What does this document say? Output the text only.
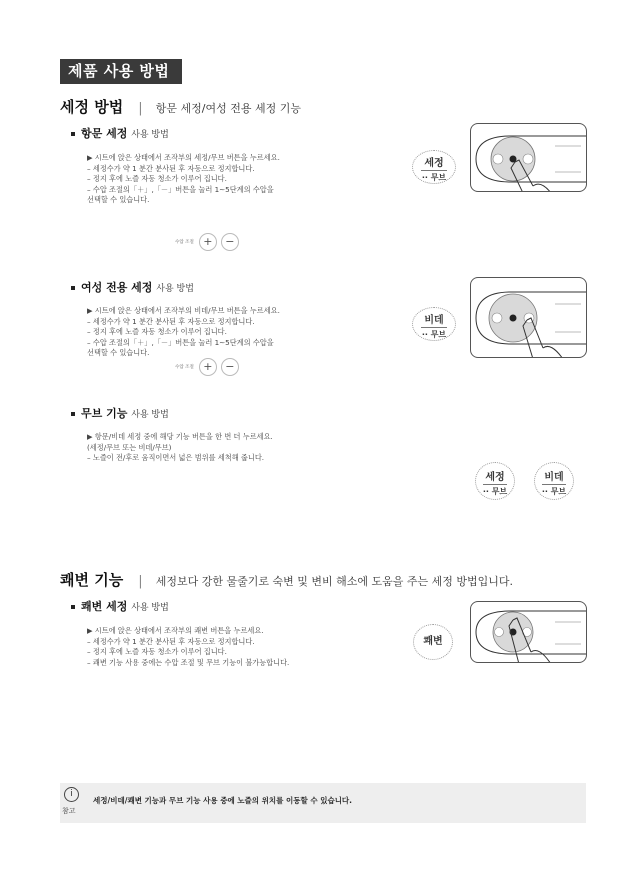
제품 사용 방법
세정 방법 | 항문 세정/여성 전용 세정 기능
항문 세정 사용 방법
▶ 시트에 앉은 상태에서 조작부의 세정/무브 버튼을 누르세요.
– 세정수가 약 1 분간 분사된 후 자동으로 정지합니다.
– 정지 후에 노즐 자동 청소가 이루어 집니다.
– 수압 조절의「＋」,「－」버튼을 눌러 1∼5단계의 수압을
선택할 수 있습니다.
수압 조절 +	−
세정
·· 무브
여성 전용 세정 사용 방법
▶ 시트에 앉은 상태에서 조작부의 비데/무브 버튼을 누르세요.
– 세정수가 약 1 분간 분사된 후 자동으로 정지합니다.
– 정지 후에 노즐 자동 청소가 이루어 집니다.
– 수압 조절의「＋」,「－」버튼을 눌러 1∼5단계의 수압을
선택할 수 있습니다.
수압 조절 +	−
비데
·· 무브
무브 기능 사용 방법
▶ 항문/비데 세정 중에 해당 기능 버튼을 한 번 더 누르세요.
(세정/무브 또는 비데/무브)
– 노즐이 전/후로 움직이면서 넓은 범위를 세척해 줍니다.
세정
·· 무브
비데
·· 무브
쾌변 기능 | 세정보다 강한 물줄기로 숙변 및 변비 해소에 도움을 주는 세정 방법입니다.
쾌변 세정 사용 방법
▶ 시트에 앉은 상태에서 조작부의 쾌변 버튼을 누르세요.
– 세정수가 약 1 분간 분사된 후 자동으로 정지합니다.
– 정지 후에 노즐 자동 청소가 이루어 집니다.
– 쾌변 기능 사용 중에는 수압 조절 및 무브 기능이 불가능합니다.
쾌변
i
참고
세정/비데/쾌변 기능과 무브 기능 사용 중에 노즐의 위치를 이동할 수 있습니다.
